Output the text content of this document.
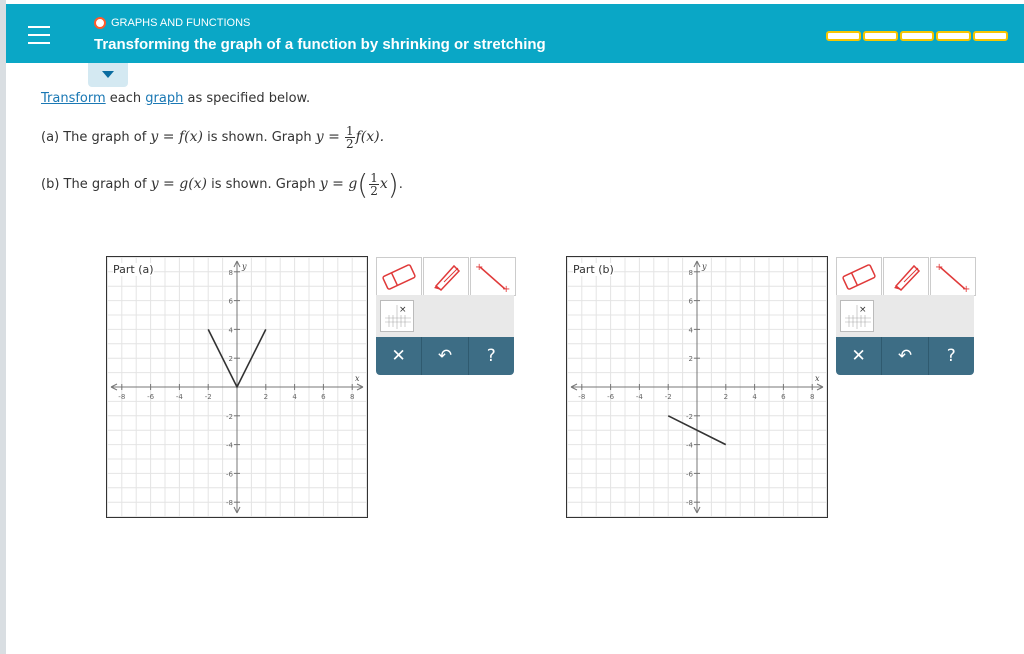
GRAPHS AND FUNCTIONS
Transforming the graph of a function by shrinking or stretching
Transform each graph as specified below.
(a) The graph of y = f(x) is shown. Graph $y = \frac{1}{2} f(x)$.
(b) The graph of y = g(x) is shown. Graph $y = g( \frac{1}{2} x)$.
-8	-6	-4	-2	2	4	6	8
8
6
4
2
-2
-4
-6
-8
x
y
Part (a)	+
+
×
✕	↶	?
-8	-6	-4	-2	2	4	6	8
8
6
4
2
-2
-4
-6
-8
x
y
Part (b)	+
+
×
✕	↶	?
